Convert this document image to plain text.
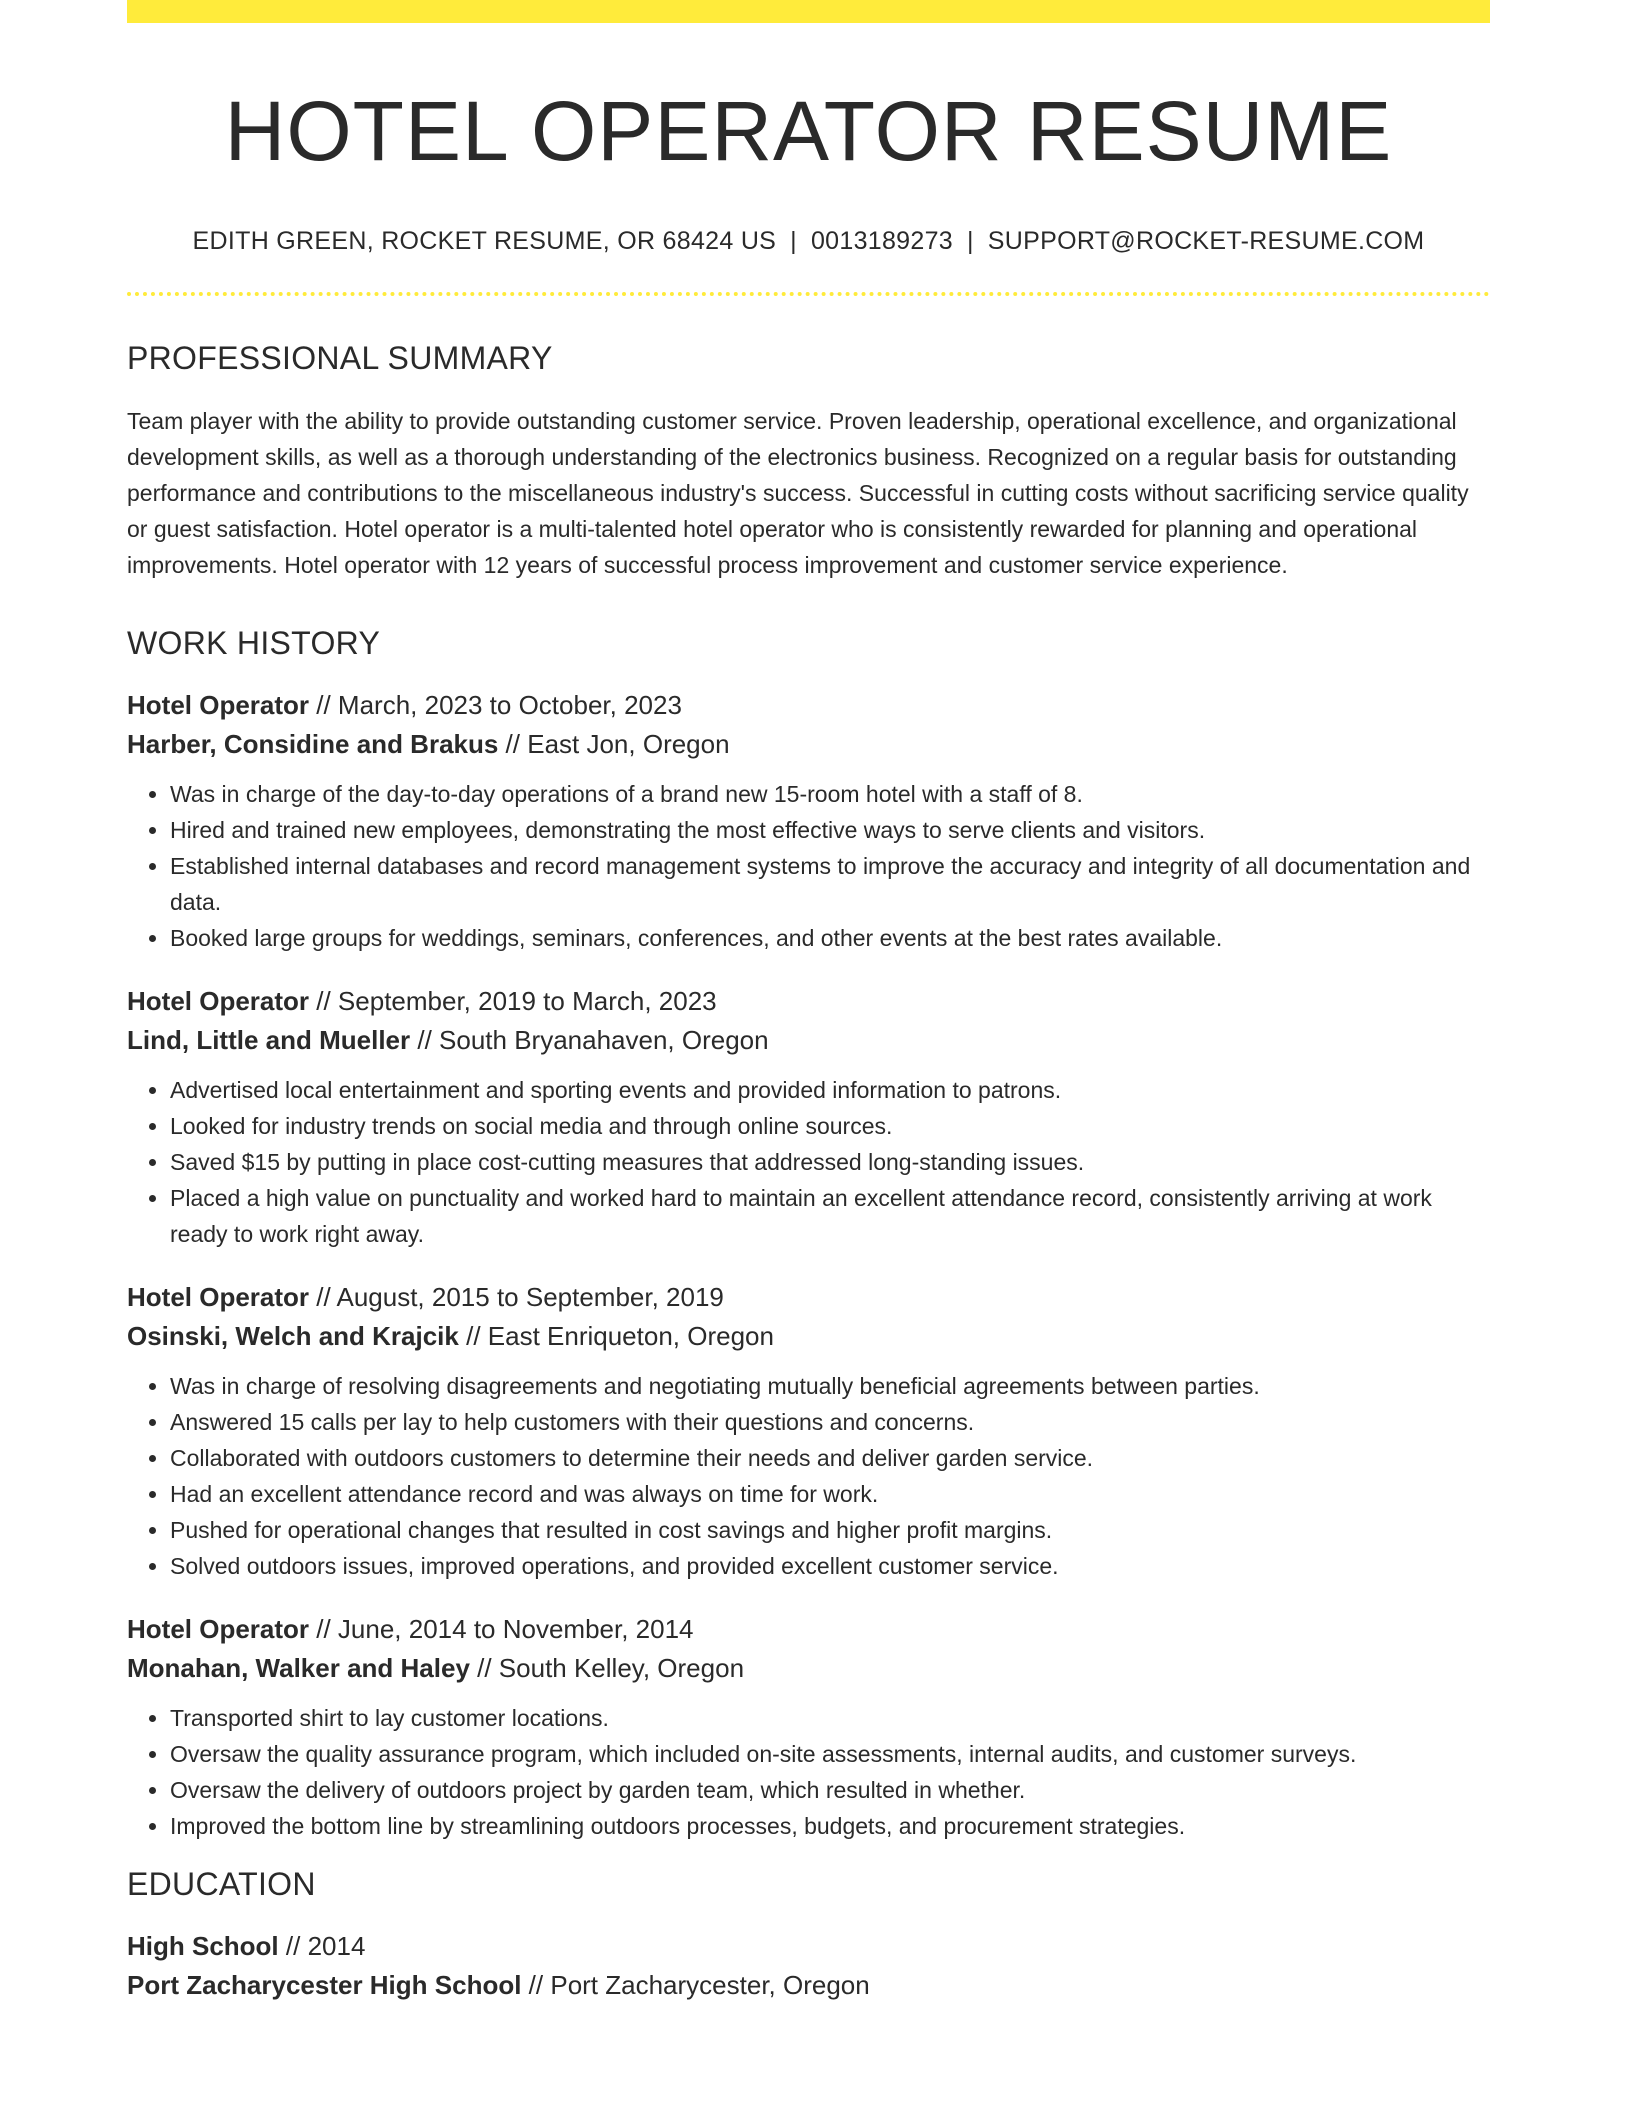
HOTEL OPERATOR RESUME
EDITH GREEN, ROCKET RESUME, OR 68424 US | 0013189273 | SUPPORT@ROCKET-RESUME.COM
PROFESSIONAL SUMMARY
Team player with the ability to provide outstanding customer service. Proven leadership, operational excellence, and organizational development skills, as well as a thorough understanding of the electronics business. Recognized on a regular basis for outstanding performance and contributions to the miscellaneous industry's success. Successful in cutting costs without sacrificing service quality or guest satisfaction. Hotel operator is a multi-talented hotel operator who is consistently rewarded for planning and operational improvements. Hotel operator with 12 years of successful process improvement and customer service experience.
WORK HISTORY
Hotel Operator // March, 2023 to October, 2023
Harber, Considine and Brakus // East Jon, Oregon
• Was in charge of the day-to-day operations of a brand new 15-room hotel with a staff of 8.
• Hired and trained new employees, demonstrating the most effective ways to serve clients and visitors.
• Established internal databases and record management systems to improve the accuracy and integrity of all documentation and data.
• Booked large groups for weddings, seminars, conferences, and other events at the best rates available.
Hotel Operator // September, 2019 to March, 2023
Lind, Little and Mueller // South Bryanahaven, Oregon
• Advertised local entertainment and sporting events and provided information to patrons.
• Looked for industry trends on social media and through online sources.
• Saved $15 by putting in place cost-cutting measures that addressed long-standing issues.
• Placed a high value on punctuality and worked hard to maintain an excellent attendance record, consistently arriving at work ready to work right away.
Hotel Operator // August, 2015 to September, 2019
Osinski, Welch and Krajcik // East Enriqueton, Oregon
• Was in charge of resolving disagreements and negotiating mutually beneficial agreements between parties.
• Answered 15 calls per lay to help customers with their questions and concerns.
• Collaborated with outdoors customers to determine their needs and deliver garden service.
• Had an excellent attendance record and was always on time for work.
• Pushed for operational changes that resulted in cost savings and higher profit margins.
• Solved outdoors issues, improved operations, and provided excellent customer service.
Hotel Operator // June, 2014 to November, 2014
Monahan, Walker and Haley // South Kelley, Oregon
• Transported shirt to lay customer locations.
• Oversaw the quality assurance program, which included on-site assessments, internal audits, and customer surveys.
• Oversaw the delivery of outdoors project by garden team, which resulted in whether.
• Improved the bottom line by streamlining outdoors processes, budgets, and procurement strategies.
EDUCATION
High School // 2014
Port Zacharycester High School // Port Zacharycester, Oregon
